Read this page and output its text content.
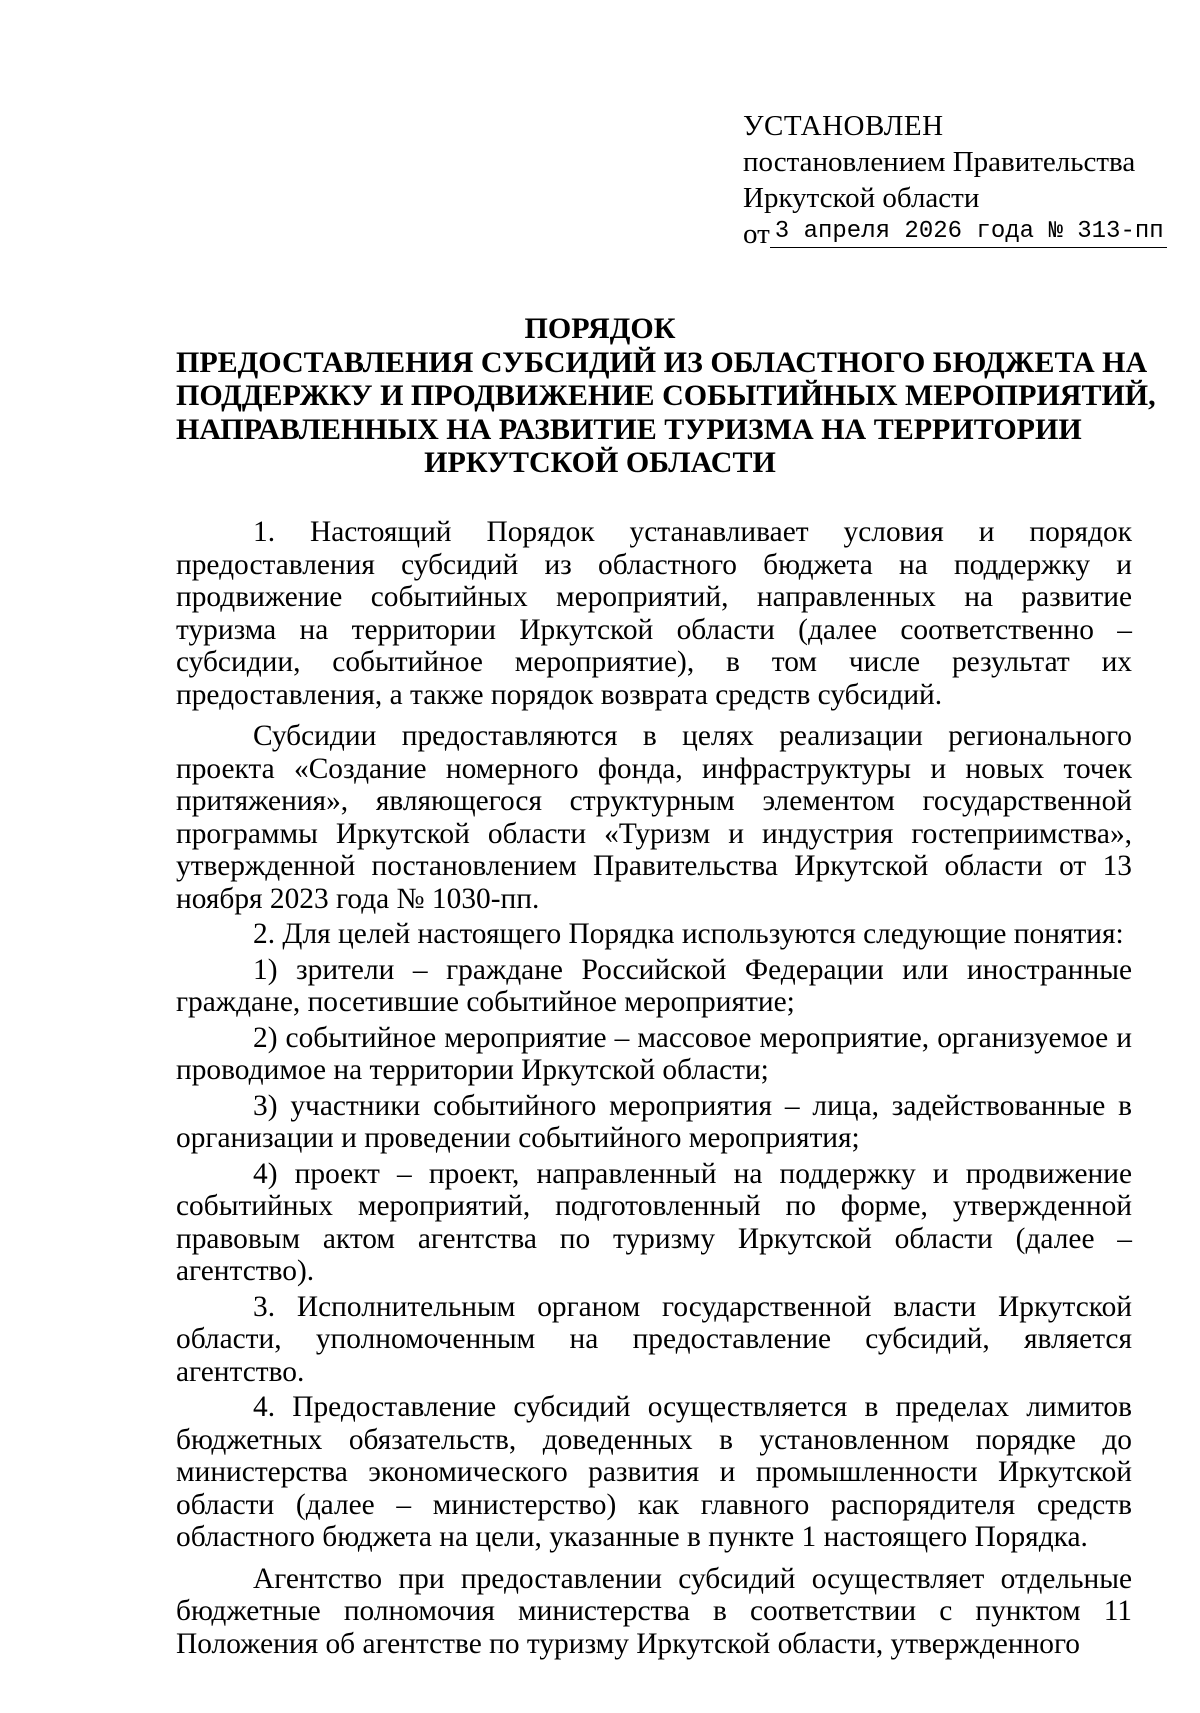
УСТАНОВЛЕН
постановлением Правительства
Иркутской области
от 3 апреля 2026 года № 313-пп
ПОРЯДОК
ПРЕДОСТАВЛЕНИЯ СУБСИДИЙ ИЗ ОБЛАСТНОГО БЮДЖЕТА НА
ПОДДЕРЖКУ И ПРОДВИЖЕНИЕ СОБЫТИЙНЫХ МЕРОПРИЯТИЙ,
НАПРАВЛЕННЫХ НА РАЗВИТИЕ ТУРИЗМА НА ТЕРРИТОРИИ
ИРКУТСКОЙ ОБЛАСТИ

1. Настоящий Порядок устанавливает условия и порядок предоставления субсидий из областного бюджета на поддержку и продвижение событийных мероприятий, направленных на развитие туризма на территории Иркутской области (далее соответственно – субсидии, событийное мероприятие), в том числе результат их предоставления, а также порядок возврата средств субсидий.

Субсидии предоставляются в целях реализации регионального проекта «Создание номерного фонда, инфраструктуры и новых точек притяжения», являющегося структурным элементом государственной программы Иркутской области «Туризм и индустрия гостеприимства», утвержденной постановлением Правительства Иркутской области от 13 ноября 2023 года № 1030-пп.

2. Для целей настоящего Порядка используются следующие понятия:

1) зрители – граждане Российской Федерации или иностранные граждане, посетившие событийное мероприятие;

2) событийное мероприятие – массовое мероприятие, организуемое и проводимое на территории Иркутской области;

3) участники событийного мероприятия – лица, задействованные в организации и проведении событийного мероприятия;

4) проект – проект, направленный на поддержку и продвижение событийных мероприятий, подготовленный по форме, утвержденной правовым актом агентства по туризму Иркутской области (далее – агентство).

3. Исполнительным органом государственной власти Иркутской области, уполномоченным на предоставление субсидий, является агентство.

4. Предоставление субсидий осуществляется в пределах лимитов бюджетных обязательств, доведенных в установленном порядке до министерства экономического развития и промышленности Иркутской области (далее – министерство) как главного распорядителя средств областного бюджета на цели, указанные в пункте 1 настоящего Порядка.

Агентство при предоставлении субсидий осуществляет отдельные бюджетные полномочия министерства в соответствии с пунктом 11 Положения об агентстве по туризму Иркутской области, утвержденного
